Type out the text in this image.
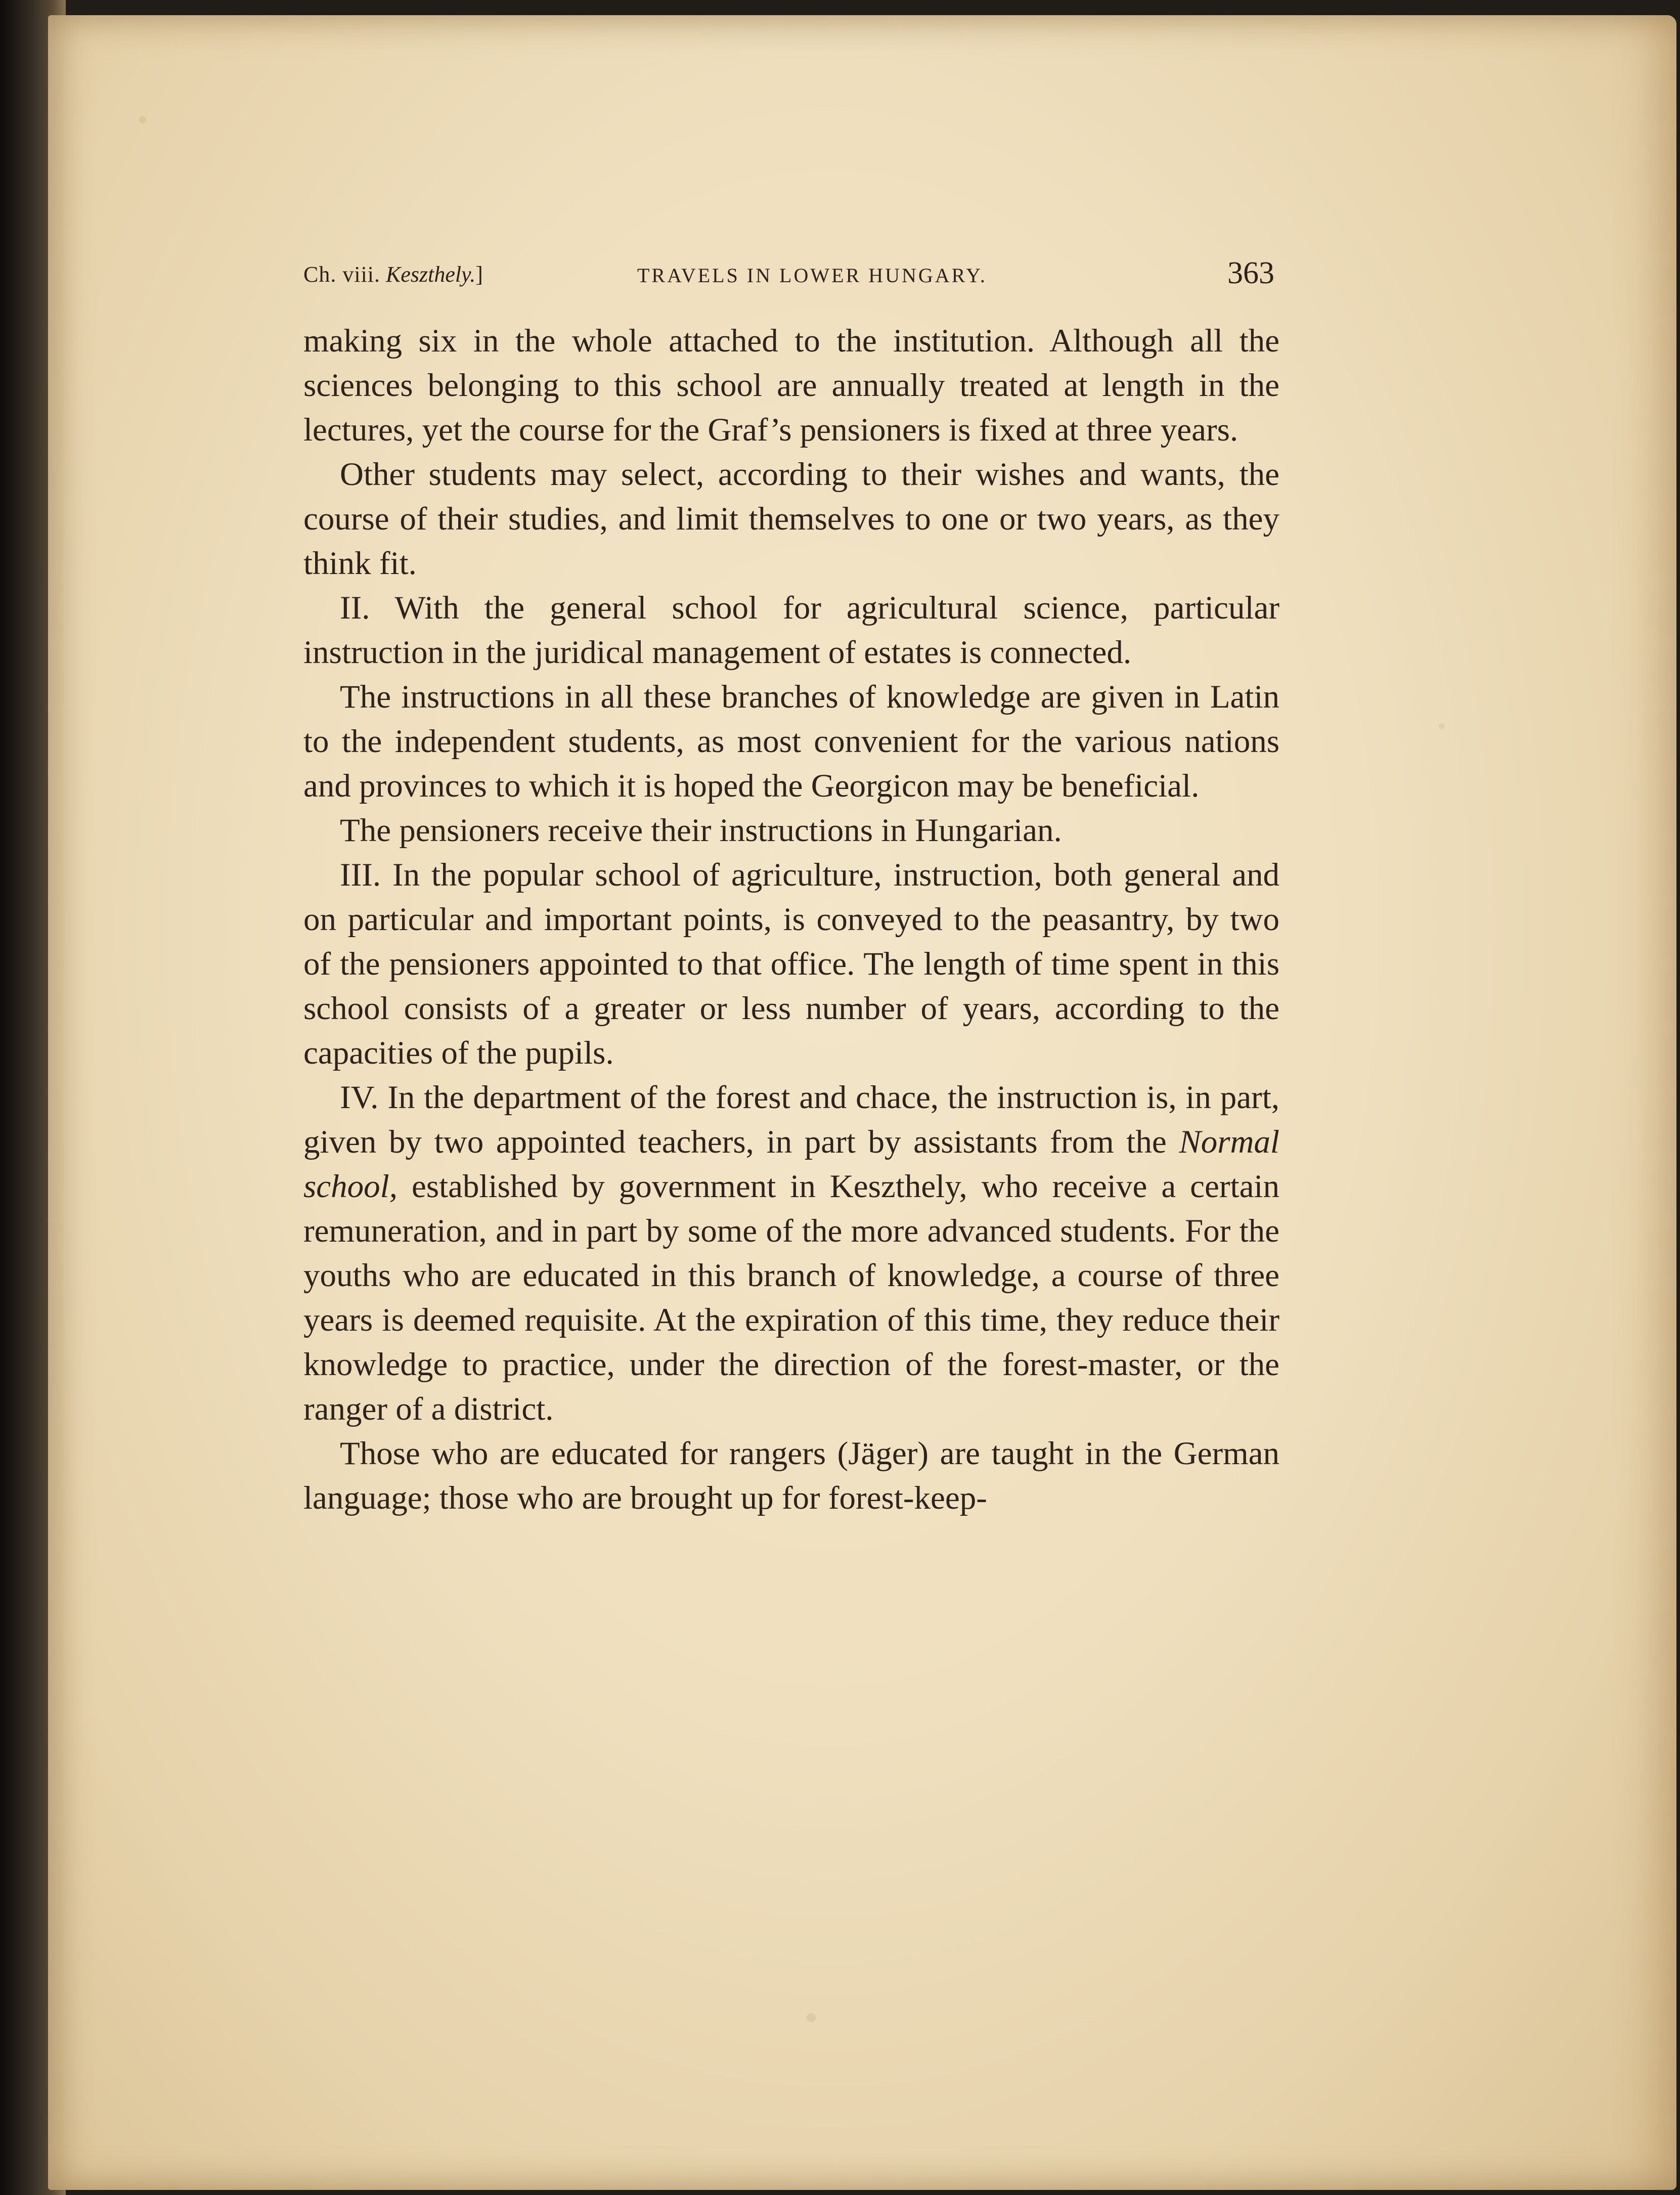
Ch. viii. Keszthely.]	TRAVELS IN LOWER HUNGARY.	363

making six in the whole attached to the institution. Although all the sciences belonging to this school are annually treated at length in the lectures, yet the course for the Graf’s pensioners is fixed at three years.

Other students may select, according to their wishes and wants, the course of their studies, and limit themselves to one or two years, as they think fit.

II. With the general school for agricultural science, particular instruction in the juridical management of estates is connected.

The instructions in all these branches of knowledge are given in Latin to the independent students, as most convenient for the various nations and provinces to which it is hoped the Georgicon may be beneficial.

The pensioners receive their instructions in Hungarian.

III. In the popular school of agriculture, instruction, both general and on particular and important points, is conveyed to the peasantry, by two of the pensioners appointed to that office. The length of time spent in this school consists of a greater or less number of years, according to the capacities of the pupils.

IV. In the department of the forest and chace, the instruction is, in part, given by two appointed teachers, in part by assistants from the Normal school, established by government in Keszthely, who receive a certain remuneration, and in part by some of the more advanced students. For the youths who are educated in this branch of knowledge, a course of three years is deemed requisite. At the expiration of this time, they reduce their knowledge to practice, under the direction of the forest-master, or the ranger of a district.

Those who are educated for rangers (Jäger) are taught in the German language; those who are brought up for forest-keep-
